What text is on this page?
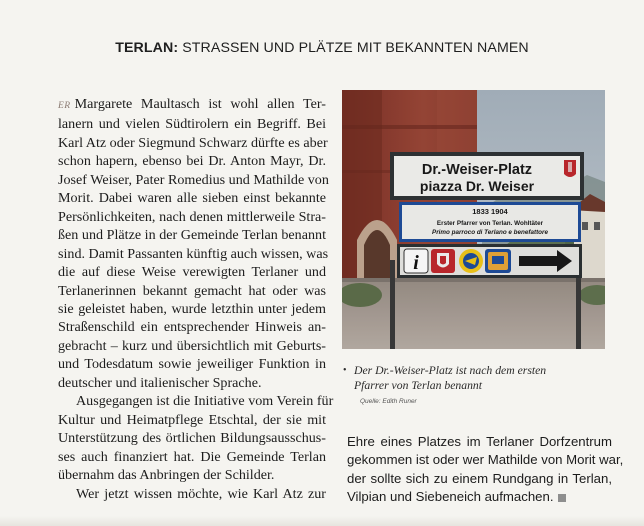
TERLAN: STRASSEN UND PLÄTZE MIT BEKANNTEN NAMEN

ER Margarete Maultasch ist wohl allen Ter-
lanern und vielen Südtirolern ein Begriff. Bei
Karl Atz oder Siegmund Schwarz dürfte es aber
schon hapern, ebenso bei Dr. Anton Mayr, Dr.
Josef Weiser, Pater Romedius und Mathilde von
Morit. Dabei waren alle sieben einst bekannte
Persönlichkeiten, nach denen mittlerweile Stra-
ßen und Plätze in der Gemeinde Terlan benannt
sind. Damit Passanten künftig auch wissen, was
die auf diese Weise verewigten Terlaner und
Terlanerinnen bekannt gemacht hat oder was
sie geleistet haben, wurde letzthin unter jedem
Straßenschild ein entsprechender Hinweis an-
gebracht – kurz und übersichtlich mit Geburts-
und Todesdatum sowie jeweiliger Funktion in
deutscher und italienischer Sprache.

Ausgegangen ist die Initiative vom Verein für
Kultur und Heimatpflege Etschtal, der sie mit
Unterstützung des örtlichen Bildungsausschus-
ses auch finanziert hat. Die Gemeinde Terlan
übernahm das Anbringen der Schilder.

Wer jetzt wissen möchte, wie Karl Atz zur

Dr.-Weiser-Platz
piazza Dr. Weiser
1833 1904
Erster Pfarrer von Terlan. Wohltäter
Primo parroco di Terlano e benefattore
i
• Der Dr.-Weiser-Platz ist nach dem ersten
Pfarrer von Terlan benannt
Quelle: Edith Runer
Ehre eines Platzes im Terlaner Dorfzentrum
gekommen ist oder wer Mathilde von Morit war,
der sollte sich zu einem Rundgang in Terlan,
Vilpian und Siebeneich aufmachen.
